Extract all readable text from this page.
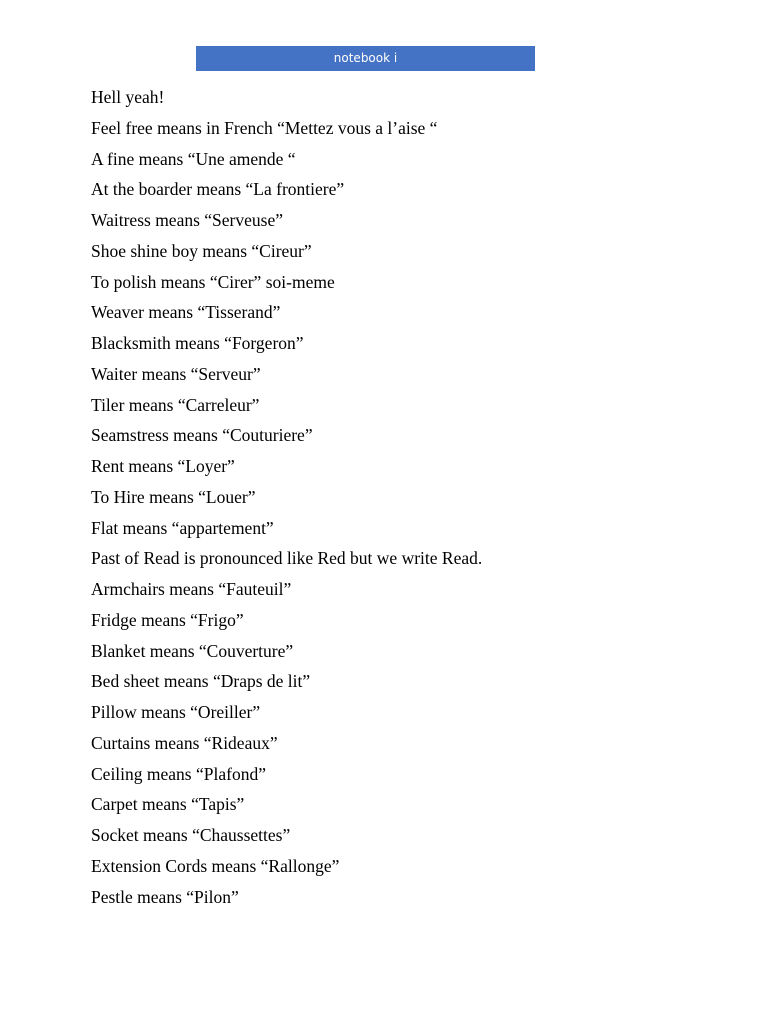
notebook i
Hell yeah!
Feel free means in French “Mettez vous a l’aise “
A fine means “Une amende “
At the boarder means “La frontiere”
Waitress means “Serveuse”
Shoe shine boy means “Cireur”
To polish means “Cirer” soi-meme
Weaver means “Tisserand”
Blacksmith means “Forgeron”
Waiter means “Serveur”
Tiler means “Carreleur”
Seamstress means “Couturiere”
Rent means “Loyer”
To Hire means “Louer”
Flat means “appartement”
Past of Read is pronounced like Red but we write Read.
Armchairs means “Fauteuil”
Fridge means “Frigo”
Blanket means “Couverture”
Bed sheet means “Draps de lit”
Pillow means “Oreiller”
Curtains means “Rideaux”
Ceiling means “Plafond”
Carpet means “Tapis”
Socket means “Chaussettes”
Extension Cords means “Rallonge”
Pestle means “Pilon”
